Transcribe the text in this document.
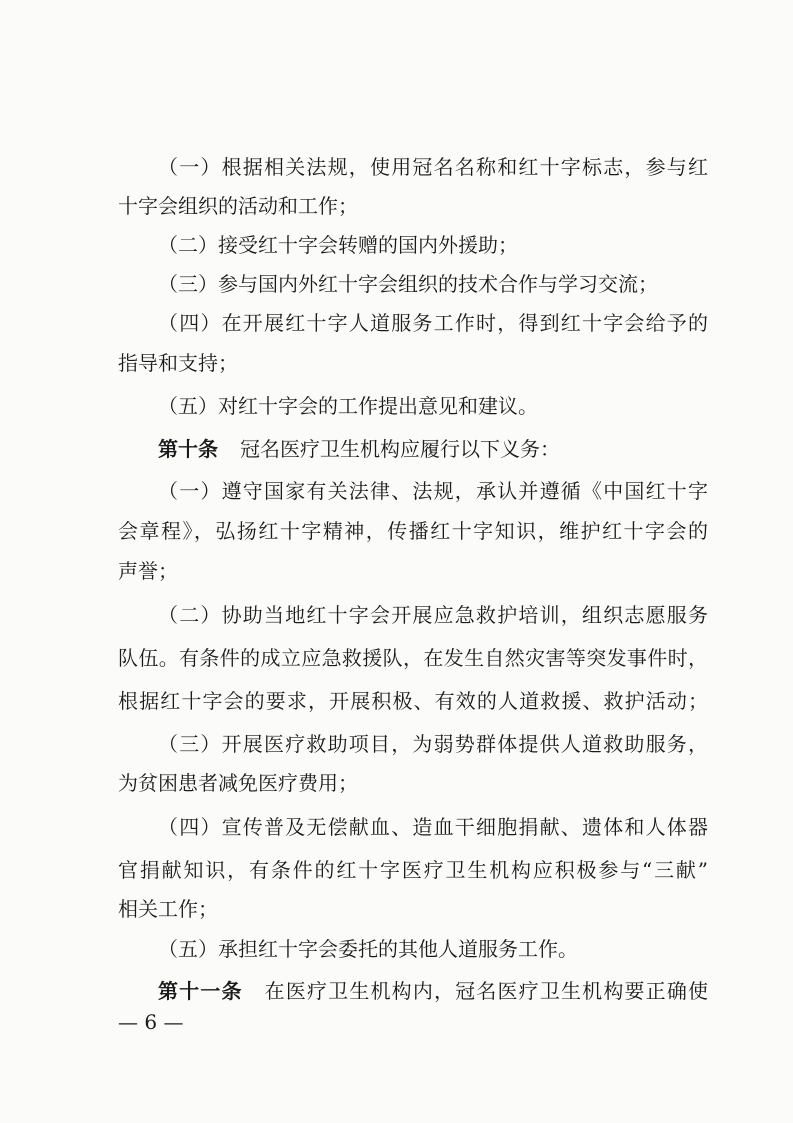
（一）根据相关法规，使用冠名名称和红十字标志，参与红
十字会组织的活动和工作；
（二）接受红十字会转赠的国内外援助；
（三）参与国内外红十字会组织的技术合作与学习交流；
（四）在开展红十字人道服务工作时，得到红十字会给予的
指导和支持；
（五）对红十字会的工作提出意见和建议。
第十条 冠名医疗卫生机构应履行以下义务：
（一）遵守国家有关法律、法规，承认并遵循《中国红十字
会章程》，弘扬红十字精神，传播红十字知识，维护红十字会的
声誉；
（二）协助当地红十字会开展应急救护培训，组织志愿服务
队伍。有条件的成立应急救援队，在发生自然灾害等突发事件时，
根据红十字会的要求，开展积极、有效的人道救援、救护活动；
（三）开展医疗救助项目，为弱势群体提供人道救助服务，
为贫困患者减免医疗费用；
（四）宣传普及无偿献血、造血干细胞捐献、遗体和人体器
官捐献知识，有条件的红十字医疗卫生机构应积极参与“三献”
相关工作；
（五）承担红十字会委托的其他人道服务工作。
第十一条 在医疗卫生机构内，冠名医疗卫生机构要正确使
— 6 —
